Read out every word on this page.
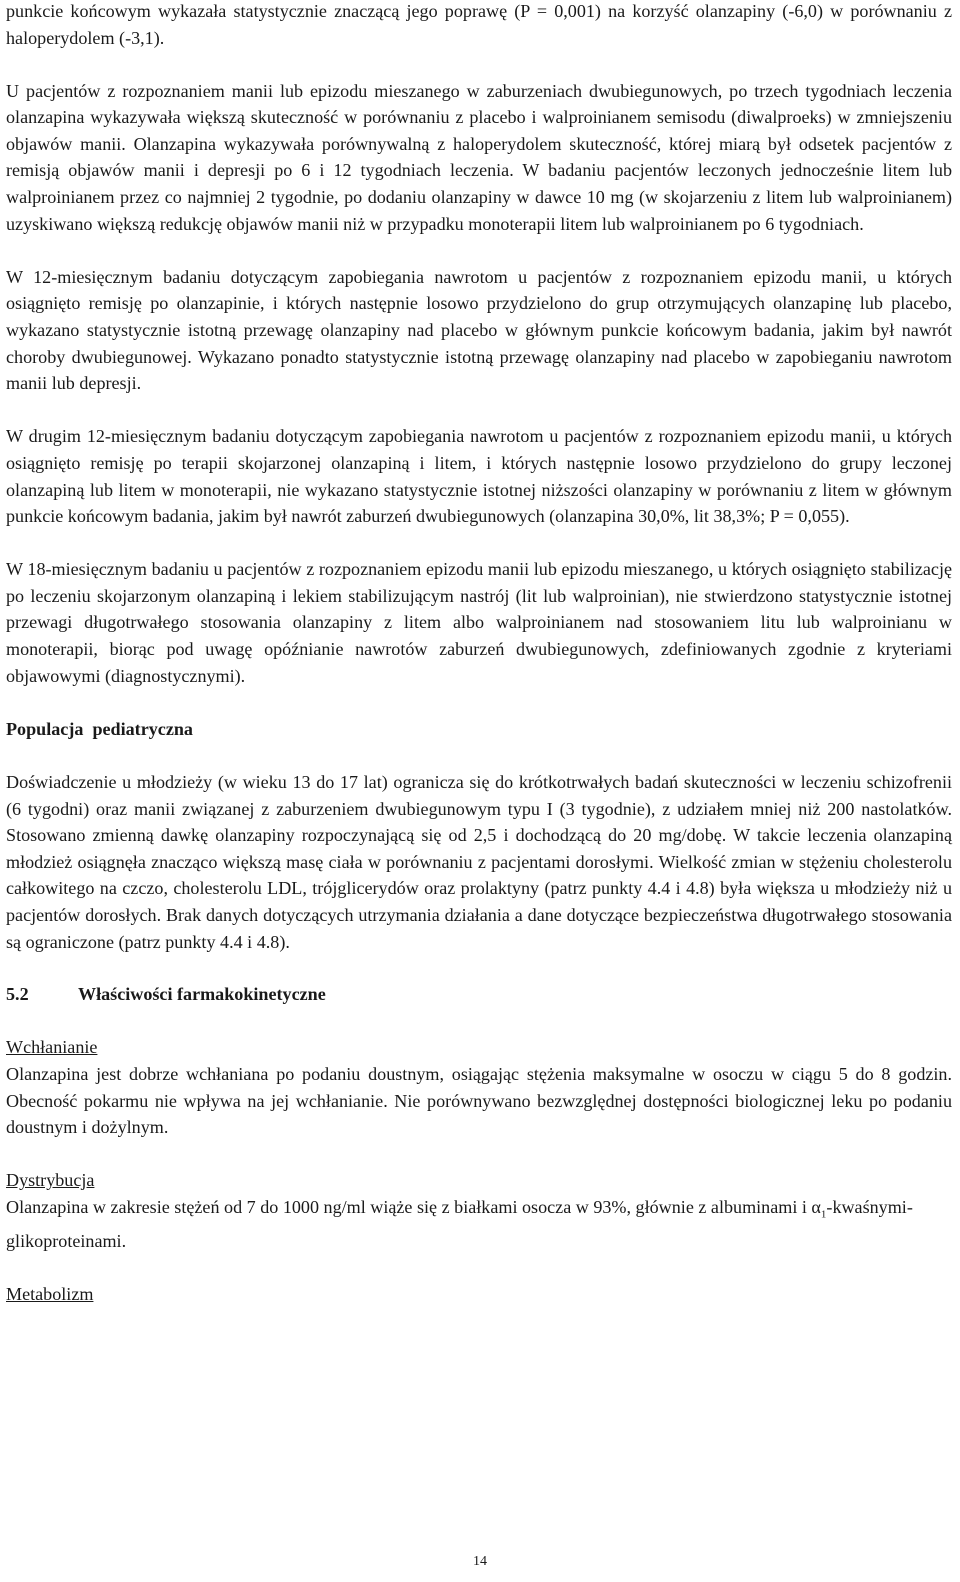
punkcie końcowym wykazała statystycznie znaczącą jego poprawę (P = 0,001) na korzyść olanzapiny (-6,0) w porównaniu z haloperydolem (-3,1).

U pacjentów z rozpoznaniem manii lub epizodu mieszanego w zaburzeniach dwubiegunowych, po trzech tygodniach leczenia olanzapina wykazywała większą skuteczność w porównaniu z placebo i walproinianem semisodu (diwalproeks) w zmniejszeniu objawów manii. Olanzapina wykazywała porównywalną z haloperydolem skuteczność, której miarą był odsetek pacjentów z remisją objawów manii i depresji po 6 i 12 tygodniach leczenia. W badaniu pacjentów leczonych jednocześnie litem lub walproinianem przez co najmniej 2 tygodnie, po dodaniu olanzapiny w dawce 10 mg (w skojarzeniu z litem lub walproinianem) uzyskiwano większą redukcję objawów manii niż w przypadku monoterapii litem lub walproinianem po 6 tygodniach.

W 12-miesięcznym badaniu dotyczącym zapobiegania nawrotom u pacjentów z rozpoznaniem epizodu manii, u których osiągnięto remisję po olanzapinie, i których następnie losowo przydzielono do grup otrzymujących olanzapinę lub placebo, wykazano statystycznie istotną przewagę olanzapiny nad placebo w głównym punkcie końcowym badania, jakim był nawrót choroby dwubiegunowej. Wykazano ponadto statystycznie istotną przewagę olanzapiny nad placebo w zapobieganiu nawrotom manii lub depresji.

W drugim 12-miesięcznym badaniu dotyczącym zapobiegania nawrotom u pacjentów z rozpoznaniem epizodu manii, u których osiągnięto remisję po terapii skojarzonej olanzapiną i litem, i których następnie losowo przydzielono do grupy leczonej olanzapiną lub litem w monoterapii, nie wykazano statystycznie istotnej niższości olanzapiny w porównaniu z litem w głównym punkcie końcowym badania, jakim był nawrót zaburzeń dwubiegunowych (olanzapina 30,0%, lit 38,3%; P = 0,055).

W 18-miesięcznym badaniu u pacjentów z rozpoznaniem epizodu manii lub epizodu mieszanego, u których osiągnięto stabilizację po leczeniu skojarzonym olanzapiną i lekiem stabilizującym nastrój (lit lub walproinian), nie stwierdzono statystycznie istotnej przewagi długotrwałego stosowania olanzapiny z litem albo walproinianem nad stosowaniem litu lub walproinianu w monoterapii, biorąc pod uwagę opóźnianie nawrotów zaburzeń dwubiegunowych, zdefiniowanych zgodnie z kryteriami objawowymi (diagnostycznymi).

Populacja  pediatryczna

Doświadczenie u młodzieży (w wieku 13 do 17 lat) ogranicza się do krótkotrwałych badań skuteczności w leczeniu schizofrenii (6 tygodni) oraz manii związanej z zaburzeniem dwubiegunowym typu I (3 tygodnie), z udziałem mniej niż 200 nastolatków. Stosowano zmienną dawkę olanzapiny rozpoczynającą się od 2,5 i dochodzącą do 20 mg/dobę. W takcie leczenia olanzapiną młodzież osiągnęła znacząco większą masę ciała w porównaniu z pacjentami dorosłymi. Wielkość zmian w stężeniu cholesterolu całkowitego na czczo, cholesterolu LDL, trójglicerydów oraz prolaktyny (patrz punkty 4.4 i 4.8) była większa u młodzieży niż u pacjentów dorosłych. Brak danych dotyczących utrzymania działania a dane dotyczące bezpieczeństwa długotrwałego stosowania są ograniczone (patrz punkty 4.4 i 4.8).

5.2	Właściwości farmakokinetyczne

Wchłanianie

Olanzapina jest dobrze wchłaniana po podaniu doustnym, osiągając stężenia maksymalne w osoczu w ciągu 5 do 8 godzin. Obecność pokarmu nie wpływa na jej wchłanianie. Nie porównywano bezwzględnej dostępności biologicznej leku po podaniu doustnym i dożylnym.

Dystrybucja

Olanzapina w zakresie stężeń od 7 do 1000 ng/ml wiąże się z białkami osocza w 93%, głównie z albuminami i $\alpha_1-kwaśnymi$-glikoproteinami.

Metabolizm

14
